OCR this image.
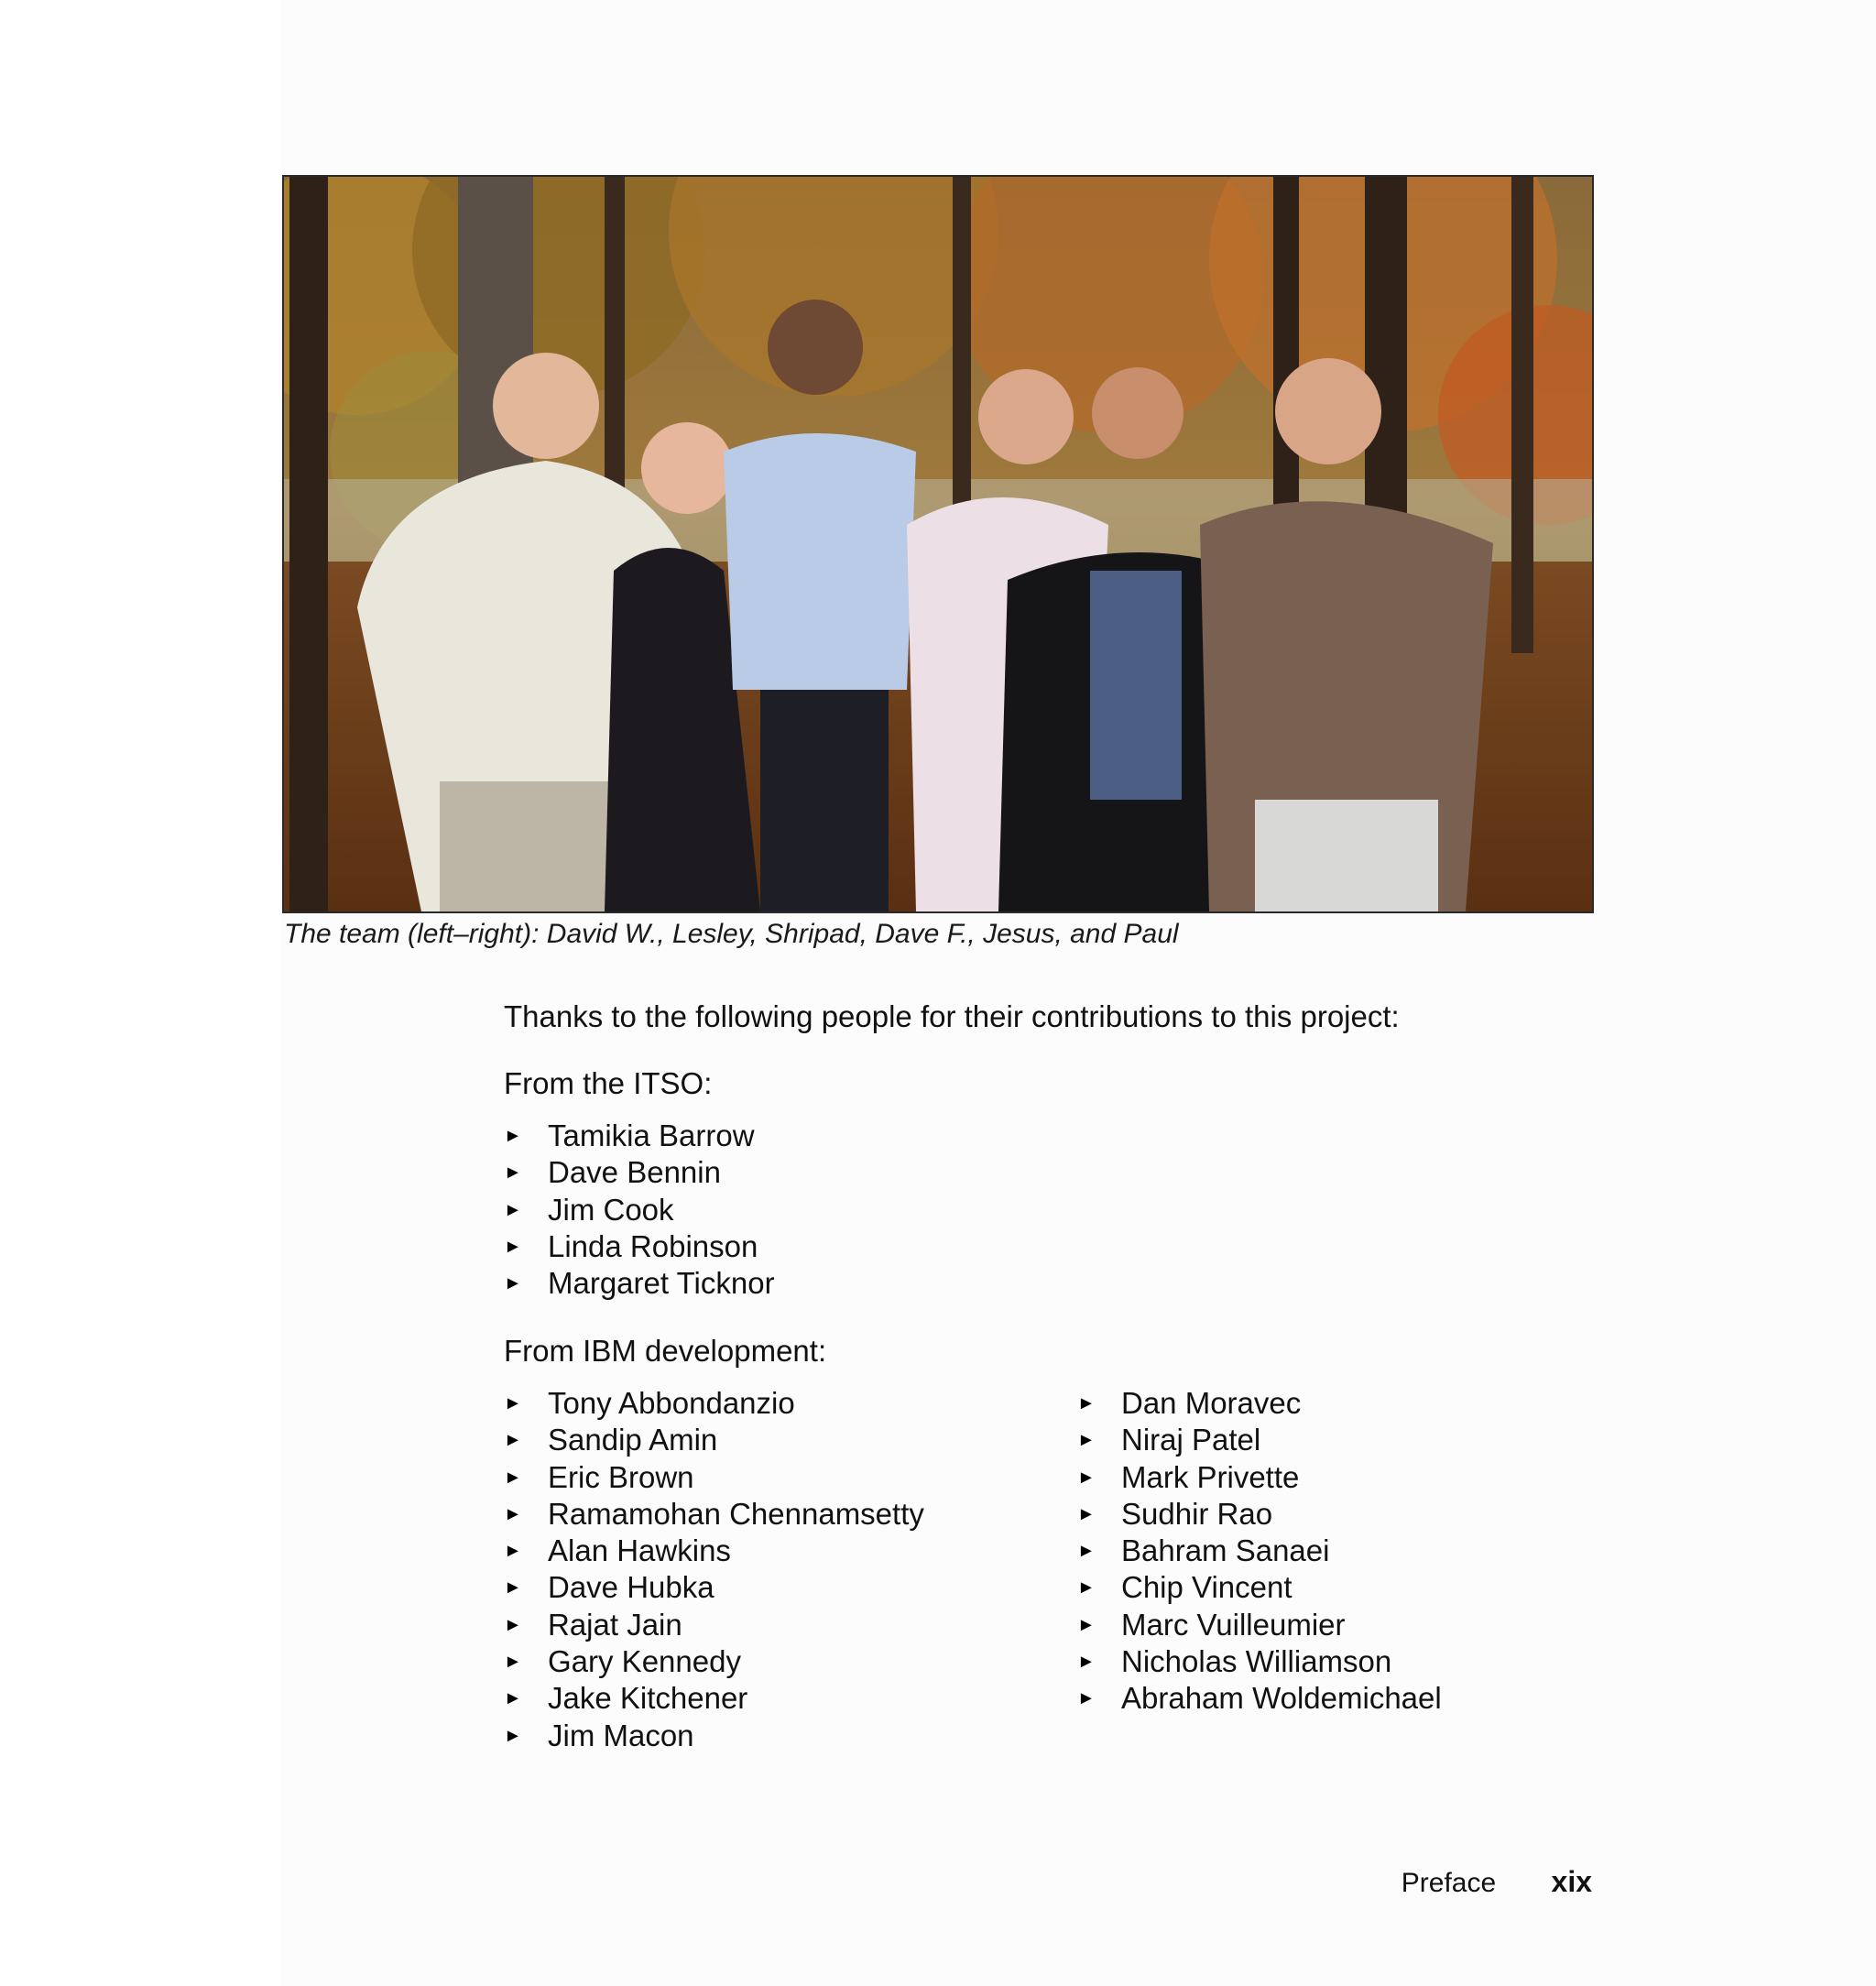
The team (left–right): David W., Lesley, Shripad, Dave F., Jesus, and Paul
Thanks to the following people for their contributions to this project:
From the ITSO:
► Tamikia Barrow
► Dave Bennin
► Jim Cook
► Linda Robinson
► Margaret Ticknor
From IBM development:
► Tony Abbondanzio
► Sandip Amin
► Eric Brown
► Ramamohan Chennamsetty
► Alan Hawkins
► Dave Hubka
► Rajat Jain
► Gary Kennedy
► Jake Kitchener
► Jim Macon
► Dan Moravec
► Niraj Patel
► Mark Privette
► Sudhir Rao
► Bahram Sanaei
► Chip Vincent
► Marc Vuilleumier
► Nicholas Williamson
► Abraham Woldemichael
Preface xix
